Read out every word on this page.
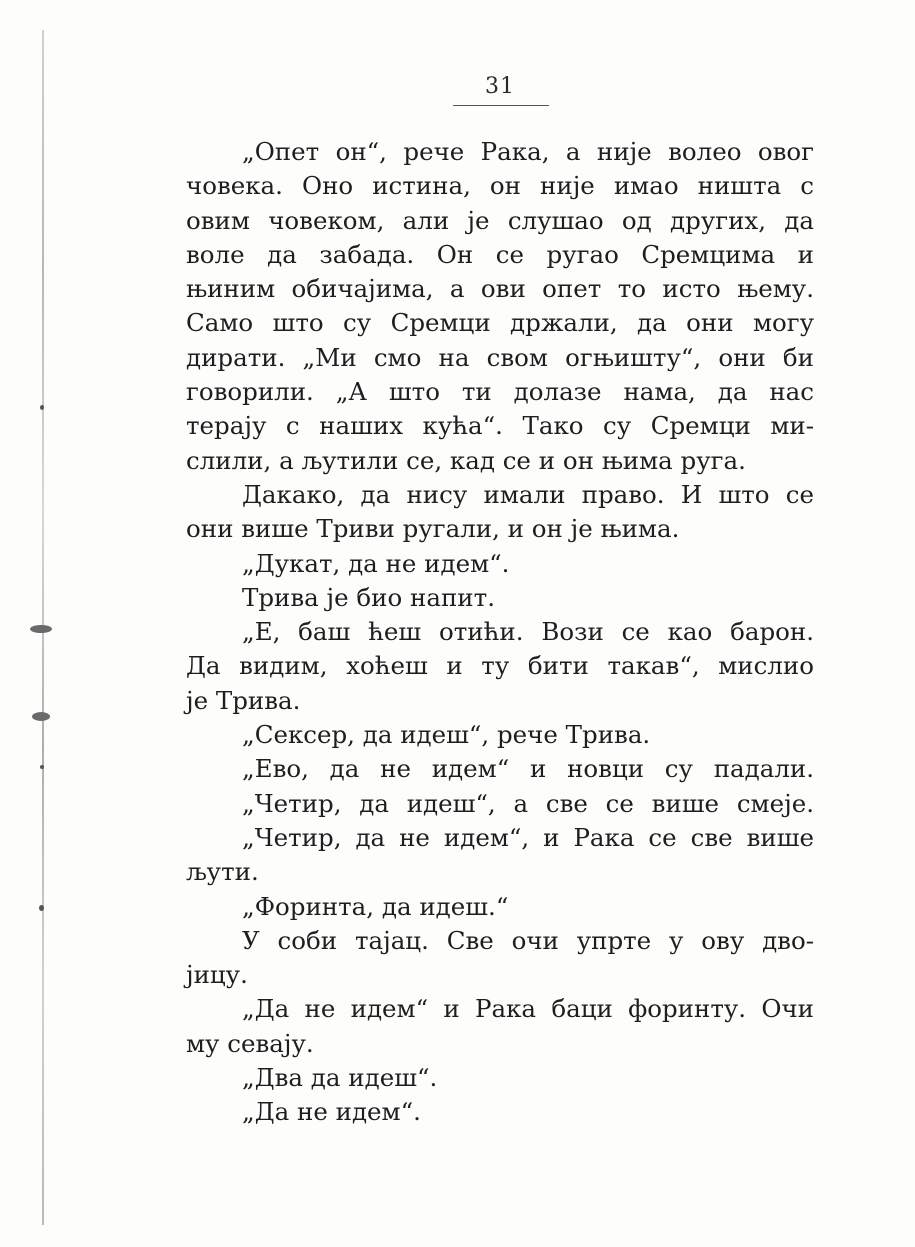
31
„Опет он“, рече Рака, а није волео овог
човека. Оно истина, он није имао ништа с
овим човеком, али је слушао од других, да
воле да забада. Он се ругао Сремцима и
њиним обичајима, а ови опет то исто њему.
Само што су Сремци држали, да они могу
дирати. „Ми смо на свом огњишту“, они би
говорили. „А што ти долазе нама, да нас
терају с наших кућа“. Тако су Сремци ми-
слили, а љутили се, кад се и он њима руга.
Дакако, да нису имали право. И што се
они више Триви ругали, и он је њима.
„Дукат, да не идем“.
Трива је био напит.
„Е, баш ћеш отићи. Вози се као барон.
Да видим, хоћеш и ту бити такав“, мислио
је Трива.
„Сексер, да идеш“, рече Трива.
„Ево, да не идем“ и новци су падали.
„Четир, да идеш“, а све се више смеје.
„Четир, да не идем“, и Рака се све више
љути.
„Форинта, да идеш.“
У соби тајац. Све очи упрте у ову дво-
јицу.
„Да не идем“ и Рака баци форинту. Очи
му севају.
„Два да идеш“.
„Да не идем“.
